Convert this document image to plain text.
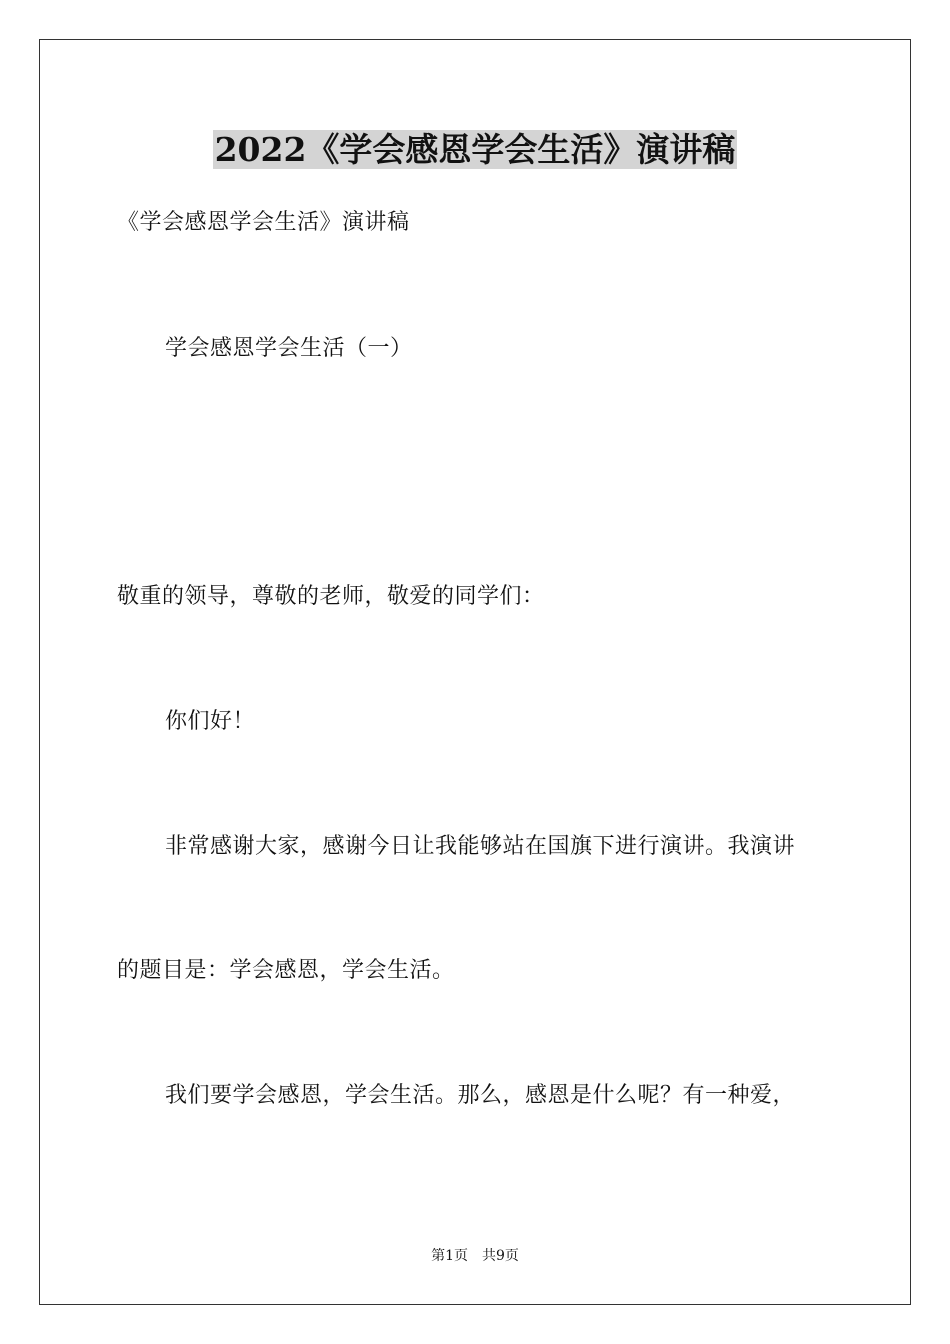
2022《学会感恩学会生活》演讲稿

《学会感恩学会生活》演讲稿

学会感恩学会生活（一）

敬重的领导，尊敬的老师，敬爱的同学们：

你们好！

非常感谢大家，感谢今日让我能够站在国旗下进行演讲。我演讲

的题目是：学会感恩，学会生活。

我们要学会感恩，学会生活。那么，感恩是什么呢？有一种爱，

第1页　共9页
